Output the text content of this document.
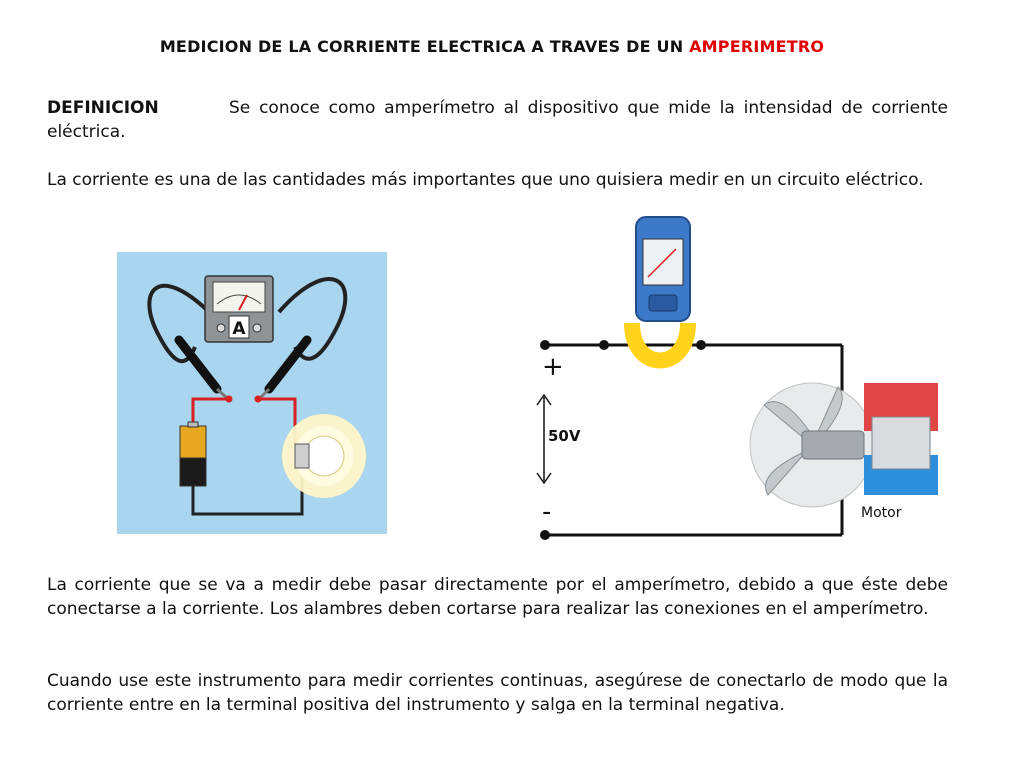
MEDICION DE LA CORRIENTE ELECTRICA A TRAVES DE UN AMPERIMETRO
DEFINICION	Se conoce como amperímetro al dispositivo que mide la intensidad de corriente eléctrica.
La corriente es una de las cantidades más importantes que uno quisiera medir en un circuito eléctrico.
A
+
-
50V
Motor
La corriente que se va a medir debe pasar directamente por el amperímetro, debido a que éste debe conectarse a la corriente. Los alambres deben cortarse para realizar las conexiones en el amperímetro.
Cuando use este instrumento para medir corrientes continuas, asegúrese de conectarlo de modo que la corriente entre en la terminal positiva del instrumento y salga en la terminal negativa.
